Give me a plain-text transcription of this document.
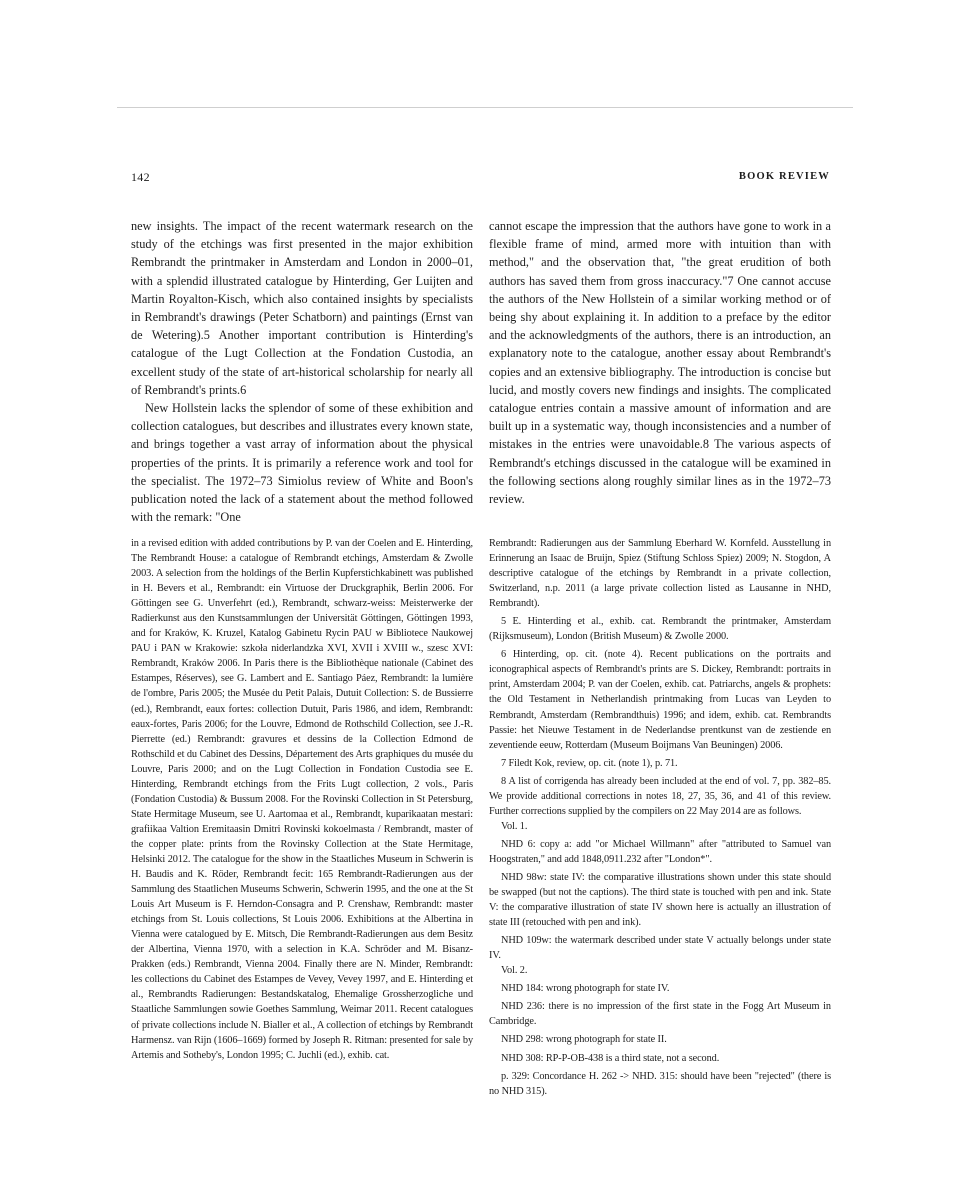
142	BOOK REVIEW

new insights. The impact of the recent watermark research on the study of the etchings was first presented in the major exhibition Rembrandt the printmaker in Amsterdam and London in 2000–01, with a splendid illustrated catalogue by Hinterding, Ger Luijten and Martin Royalton-Kisch, which also contained insights by specialists in Rembrandt's drawings (Peter Schatborn) and paintings (Ernst van de Wetering).5 Another important contribution is Hinterding's catalogue of the Lugt Collection at the Fondation Custodia, an excellent study of the state of art-historical scholarship for nearly all of Rembrandt's prints.6

New Hollstein lacks the splendor of some of these exhibition and collection catalogues, but describes and illustrates every known state, and brings together a vast array of information about the physical properties of the prints. It is primarily a reference work and tool for the specialist. The 1972–73 Simiolus review of White and Boon's publication noted the lack of a statement about the method followed with the remark: "One

cannot escape the impression that the authors have gone to work in a flexible frame of mind, armed more with intuition than with method," and the observation that, "the great erudition of both authors has saved them from gross inaccuracy."7 One cannot accuse the authors of the New Hollstein of a similar working method or of being shy about explaining it. In addition to a preface by the editor and the acknowledgments of the authors, there is an introduction, an explanatory note to the catalogue, another essay about Rembrandt's copies and an extensive bibliography. The introduction is concise but lucid, and mostly covers new findings and insights. The complicated catalogue entries contain a massive amount of information and are built up in a systematic way, though inconsistencies and a number of mistakes in the entries were unavoidable.8 The various aspects of Rembrandt's etchings discussed in the catalogue will be examined in the following sections along roughly similar lines as in the 1972–73 review.

in a revised edition with added contributions by P. van der Coelen and E. Hinterding, The Rembrandt House: a catalogue of Rembrandt etchings, Amsterdam & Zwolle 2003. A selection from the holdings of the Berlin Kupferstichkabinett was published in H. Bevers et al., Rembrandt: ein Virtuose der Druckgraphik, Berlin 2006. For Göttingen see G. Unverfehrt (ed.), Rembrandt, schwarz-weiss: Meisterwerke der Radierkunst aus den Kunstsammlungen der Universität Göttingen, Göttingen 1993, and for Kraków, K. Kruzel, Katalog Gabinetu Rycin PAU w Bibliotece Naukowej PAU i PAN w Krakowie: szkoła niderlandzka XVI, XVII i XVIII w., szesc XVI: Rembrandt, Kraków 2006. In Paris there is the Bibliothèque nationale (Cabinet des Estampes, Réserves), see G. Lambert and E. Santiago Páez, Rembrandt: la lumière de l'ombre, Paris 2005; the Musée du Petit Palais, Dutuit Collection: S. de Bussierre (ed.), Rembrandt, eaux fortes: collection Dutuit, Paris 1986, and idem, Rembrandt: eaux-fortes, Paris 2006; for the Louvre, Edmond de Rothschild Collection, see J.-R. Pierrette (ed.) Rembrandt: gravures et dessins de la Collection Edmond de Rothschild et du Cabinet des Dessins, Département des Arts graphiques du musée du Louvre, Paris 2000; and on the Lugt Collection in Fondation Custodia see E. Hinterding, Rembrandt etchings from the Frits Lugt collection, 2 vols., Paris (Fondation Custodia) & Bussum 2008. For the Rovinski Collection in St Petersburg, State Hermitage Museum, see U. Aartomaa et al., Rembrandt, kuparikaatan mestari: grafiikaa Valtion Eremitaasin Dmitri Rovinski kokoelmasta / Rembrandt, master of the copper plate: prints from the Rovinsky Collection at the State Hermitage, Helsinki 2012. The catalogue for the show in the Staatliches Museum in Schwerin is H. Baudis and K. Röder, Rembrandt fecit: 165 Rembrandt-Radierungen aus der Sammlung des Staatlichen Museums Schwerin, Schwerin 1995, and the one at the St Louis Art Museum is F. Herndon-Consagra and P. Crenshaw, Rembrandt: master etchings from St. Louis collections, St Louis 2006. Exhibitions at the Albertina in Vienna were catalogued by E. Mitsch, Die Rembrandt-Radierungen aus dem Besitz der Albertina, Vienna 1970, with a selection in K.A. Schröder and M. Bisanz-Prakken (eds.) Rembrandt, Vienna 2004. Finally there are N. Minder, Rembrandt: les collections du Cabinet des Estampes de Vevey, Vevey 1997, and E. Hinterding et al., Rembrandts Radierungen: Bestandskatalog, Ehemalige Grossherzogliche und Staatliche Sammlungen sowie Goethes Sammlung, Weimar 2011. Recent catalogues of private collections include N. Bialler et al., A collection of etchings by Rembrandt Harmensz. van Rijn (1606–1669) formed by Joseph R. Ritman: presented for sale by Artemis and Sotheby's, London 1995; C. Juchli (ed.), exhib. cat.

Rembrandt: Radierungen aus der Sammlung Eberhard W. Kornfeld. Ausstellung in Erinnerung an Isaac de Bruijn, Spiez (Stiftung Schloss Spiez) 2009; N. Stogdon, A descriptive catalogue of the etchings by Rembrandt in a private collection, Switzerland, n.p. 2011 (a large private collection listed as Lausanne in NHD, Rembrandt).

5 E. Hinterding et al., exhib. cat. Rembrandt the printmaker, Amsterdam (Rijksmuseum), London (British Museum) & Zwolle 2000.

6 Hinterding, op. cit. (note 4). Recent publications on the portraits and iconographical aspects of Rembrandt's prints are S. Dickey, Rembrandt: portraits in print, Amsterdam 2004; P. van der Coelen, exhib. cat. Patriarchs, angels & prophets: the Old Testament in Netherlandish printmaking from Lucas van Leyden to Rembrandt, Amsterdam (Rembrandthuis) 1996; and idem, exhib. cat. Rembrandts Passie: het Nieuwe Testament in de Nederlandse prentkunst van de zestiende en zeventiende eeuw, Rotterdam (Museum Boijmans Van Beuningen) 2006.

7 Filedt Kok, review, op. cit. (note 1), p. 71.

8 A list of corrigenda has already been included at the end of vol. 7, pp. 382–85. We provide additional corrections in notes 18, 27, 35, 36, and 41 of this review. Further corrections supplied by the compilers on 22 May 2014 are as follows.

Vol. 1.

NHD 6: copy a: add "or Michael Willmann" after "attributed to Samuel van Hoogstraten," and add 1848,0911.232 after "London*".

NHD 98w: state IV: the comparative illustrations shown under this state should be swapped (but not the captions). The third state is touched with pen and ink. State V: the comparative illustration of state IV shown here is actually an illustration of state III (retouched with pen and ink).

NHD 109w: the watermark described under state V actually belongs under state IV.

Vol. 2.

NHD 184: wrong photograph for state IV.

NHD 236: there is no impression of the first state in the Fogg Art Museum in Cambridge.

NHD 298: wrong photograph for state II.

NHD 308: RP-P-OB-438 is a third state, not a second.

p. 329: Concordance H. 262 -> NHD. 315: should have been "rejected" (there is no NHD 315).
